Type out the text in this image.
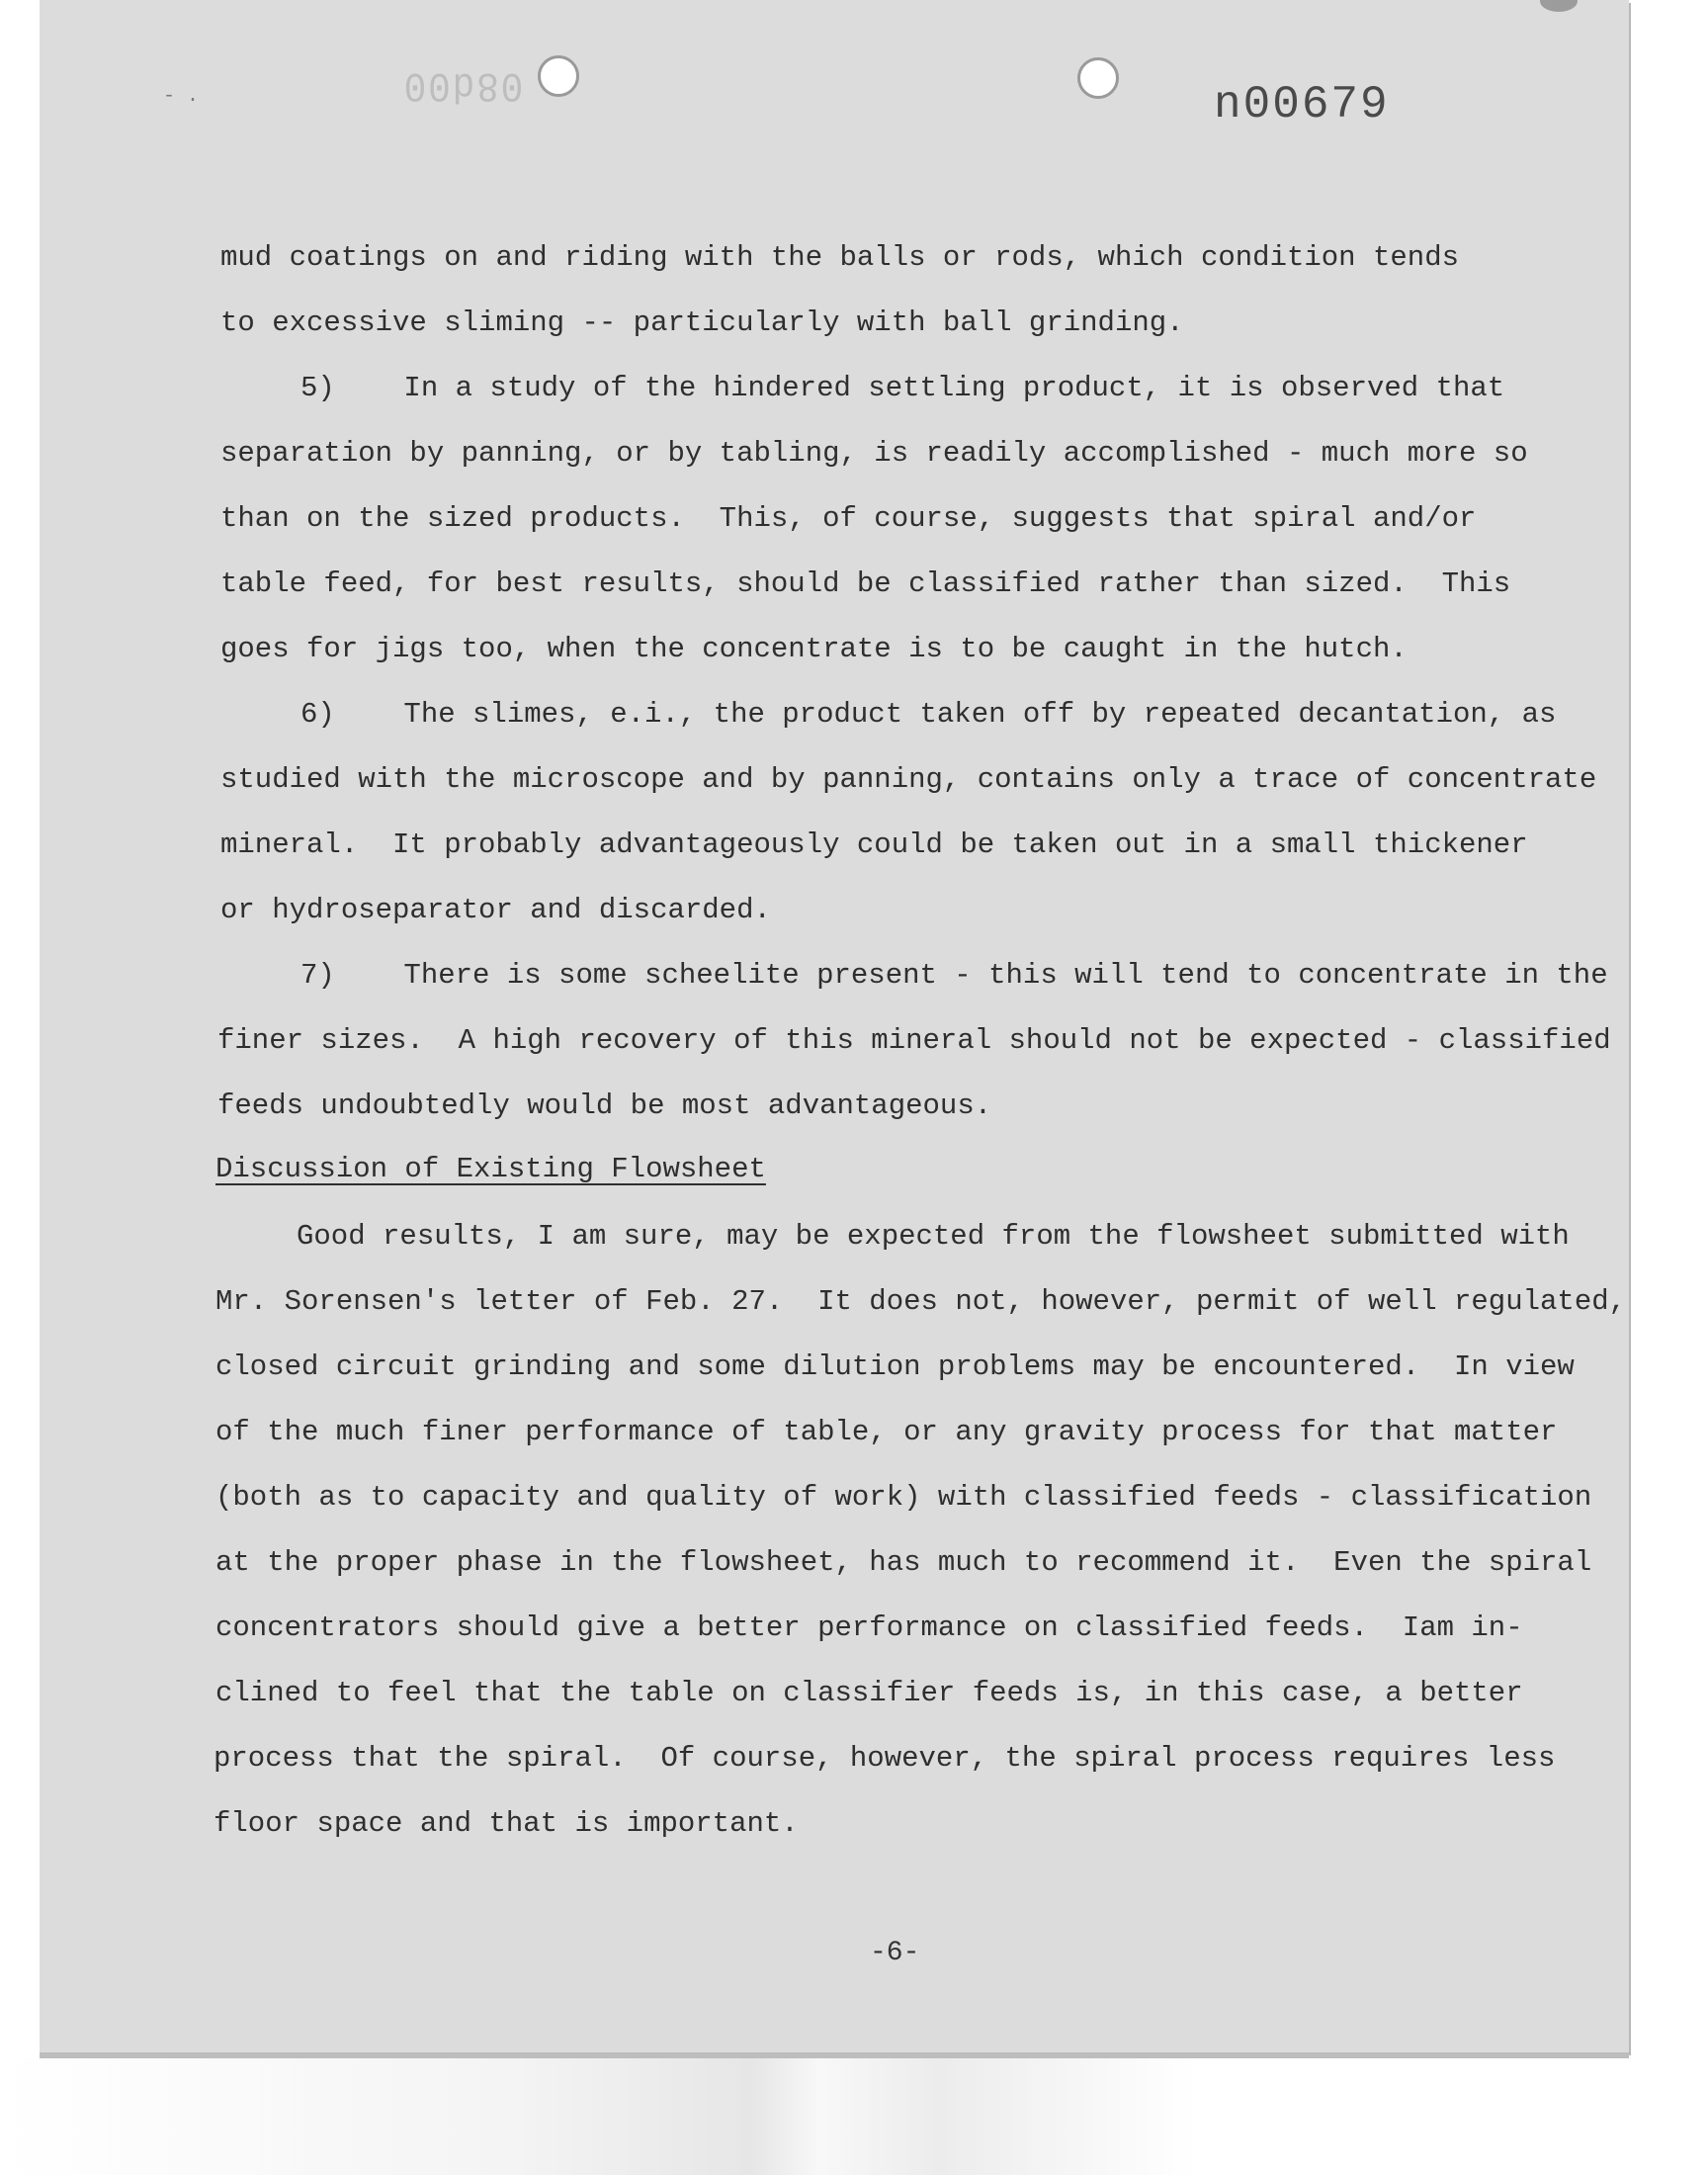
08d00	n00679
- .
mud coatings on and riding with the balls or rods, which condition tends
to excessive sliming -- particularly with ball grinding.
5)    In a study of the hindered settling product, it is observed that
separation by panning, or by tabling, is readily accomplished - much more so
than on the sized products.  This, of course, suggests that spiral and/or
table feed, for best results, should be classified rather than sized.  This
goes for jigs too, when the concentrate is to be caught in the hutch.
6)    The slimes, e.i., the product taken off by repeated decantation, as
studied with the microscope and by panning, contains only a trace of concentrate
mineral.  It probably advantageously could be taken out in a small thickener
or hydroseparator and discarded.
7)    There is some scheelite present - this will tend to concentrate in the
finer sizes.  A high recovery of this mineral should not be expected - classified
feeds undoubtedly would be most advantageous.
Discussion of Existing Flowsheet
Good results, I am sure, may be expected from the flowsheet submitted with
Mr. Sorensen's letter of Feb. 27.  It does not, however, permit of well regulated,
closed circuit grinding and some dilution problems may be encountered.  In view
of the much finer performance of table, or any gravity process for that matter
(both as to capacity and quality of work) with classified feeds - classification
at the proper phase in the flowsheet, has much to recommend it.  Even the spiral
concentrators should give a better performance on classified feeds.  Iam in-
clined to feel that the table on classifier feeds is, in this case, a better
process that the spiral.  Of course, however, the spiral process requires less
floor space and that is important.
-6-
